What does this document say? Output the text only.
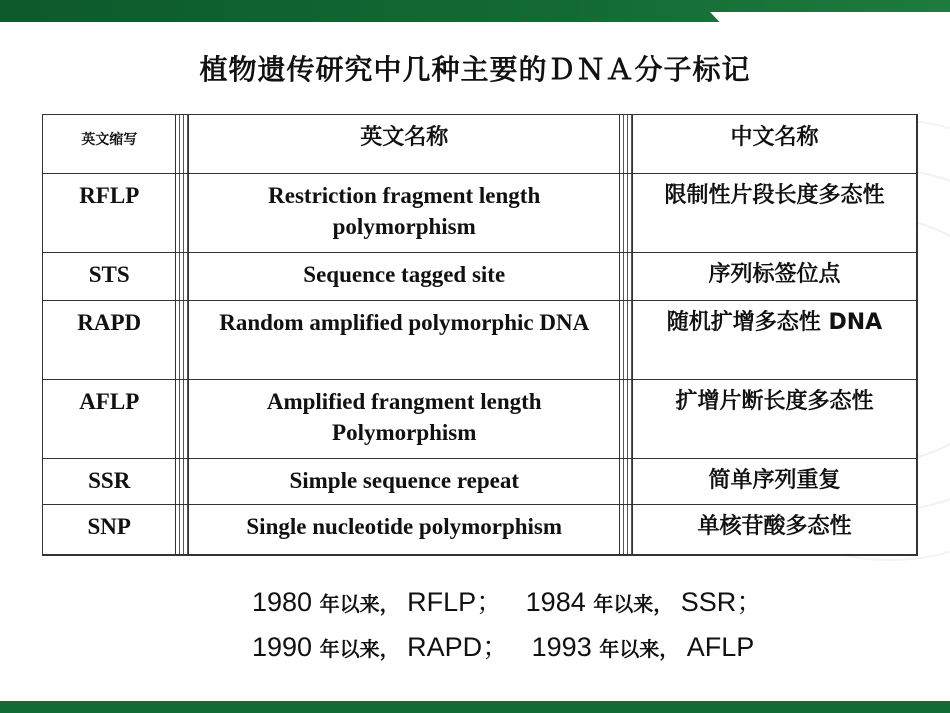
植物遗传研究中几种主要的ＤＮＡ分子标记
英文缩写		英文名称		中文名称
RFLP		Restriction fragment length polymorphism		限制性片段长度多态性
STS		Sequence tagged site		序列标签位点
RAPD		Random amplified polymorphic DNA		随机扩增多态性 DNA
AFLP		Amplified frangment length Polymorphism		扩增片断长度多态性
SSR		Simple sequence repeat		简单序列重复
SNP		Single nucleotide polymorphism		单核苷酸多态性
1980 年以来， RFLP； 1984 年以来， SSR；
1990 年以来， RAPD； 1993 年以来， AFLP
